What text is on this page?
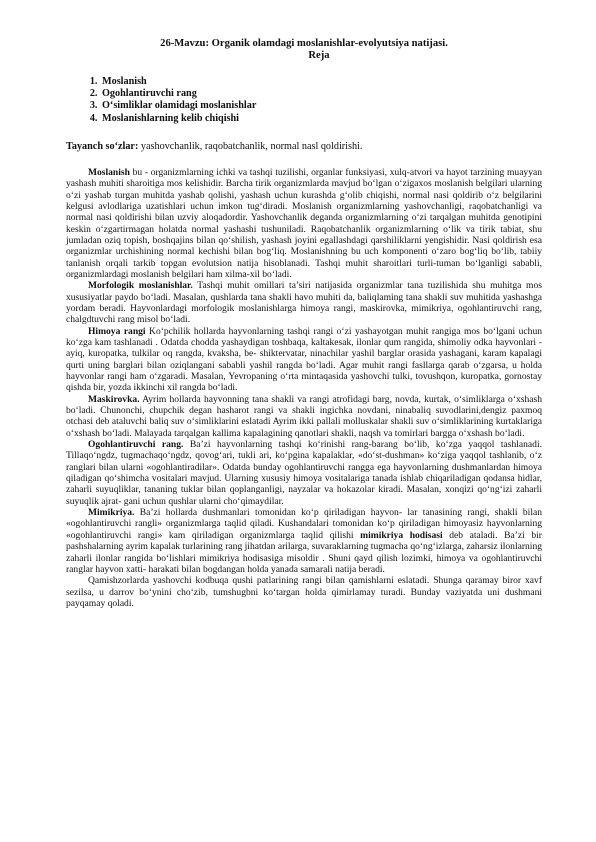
26-Mavzu: Organik olamdagi moslanishlar-evolyutsiya natijasi.

Reja

1. Moslanish
2. Ogohlantiruvchi rang
3. O‘simliklar olamidagi moslanishlar
4. Moslanishlarning kelib chiqishi

Tayanch so‘zlar: yashovchanlik, raqobatchanlik, normal nasl qoldirishi.

Moslanish bu - organizmlarning ichki va tashqi tuzilishi, organlar funksiyasi, xulq-atvori va hayot tarzining muayyan yashash muhiti sharoitiga mos kelishidir. Barcha tirik organizmlarda mavjud bo‘lgan o‘zigaxos moslanish belgilari ularning o‘zi yashab turgan muhitda yashab qolishi, yashash uchun kurashda g‘olib chiqishi, normal nasi qoldirib o‘z belgilarini kelgusi avlodlariga uzatishlari uchun imkon tug‘diradi. Moslanish organizmlarning yashovchanligi, raqobatchanligi va normal nasi qoldirishi bilan uzviy aloqadordir. Yashovchanlik deganda organizmlarning o‘zi tarqalgan muhitda genotipini keskin o‘zgartirmagan holatda normal yashashi tushuniladi. Raqobatchanlik organizmlarning o‘lik va tirik tabiat, shu jumladan oziq topish, boshqajins bilan qo‘shilish, yashash joyini egallashdagi qarshiliklarni yengishidir. Nasi qoldirish esa organizmlar urchishining normal kechishi bilan bog‘liq. Moslanishning bu uch komponenti o‘zaro bog‘liq bo‘lib, tabiiy tanlanish orqali tarkib topgan evolutsion natija hisoblanadi. Tashqi muhit sharoitlari turli-tuman bo‘lganligi sababli, organizmlardagi moslanish belgilari ham xilma-xil bo‘ladi.

Morfologik moslanishlar. Tashqi muhit omillari ta’siri natijasida organizmlar tana tuzilishida shu muhitga mos xususiyatlar paydo bo‘ladi. Masalan, qushlarda tana shakli havo muhiti da, baliqlaming tana shakli suv muhitida yashashga yordam beradi. Hayvonlardagi morfologik moslanishlarga himoya rangi, maskirovka, mimikriya, ogohlantiruvchi rang, chalgdtuvchi rang misol bo‘ladi.

Himoya rangi Ko‘pchilik hollarda hayvonlarning tashqi rangi o‘zi yashayotgan muhit rangiga mos bo‘lgani uchun ko‘zga kam tashlanadi . Odatda chodda yashaydigan toshbaqa, kaltakesak, ilonlar qum rangida, shimoliy odka hayvonlari - ayiq, kuropatka, tulkilar oq rangda, kvaksha, be- shiktervatar, ninachilar yashil barglar orasida yashagani, karam kapalagi qurti uning barglari bilan oziqlangani sababli yashil rangda bo‘ladi. Agar muhit rangi fasllarga qarab o‘zgarsa, u holda hayvonlar rangi ham o‘zgaradi. Masalan, Yevropaning o‘rta mintaqasida yashovchi tulki, tovushqon, kuropatka, gornostay qishda bir, yozda ikkinchi xil rangda bo‘ladi.

Maskirovka. Ayrim hollarda hayvonning tana shakli va rangi atrofidagi barg, novda, kurtak, o‘simliklarga o‘xshash bo‘ladi. Chunonchi, chupchik degan hasharot rangi va shakli ingichka novdani, ninabaliq suvodlarini,dengiz paxmoq otchasi deb ataluvchi baliq suv o‘simliklarini eslatadi Ayrim ikki pallali molluskalar shakli suv o‘simliklarining kurtaklariga o‘xshash bo‘ladi. Malayada tarqalgan kallima kapalagining qanotlari shakli, naqsh va tomirlari bargga o‘xshash bo‘ladi.

Ogohlantiruvchi rang. Ba’zi hayvonlarning tashqi ko‘rinishi rang-barang bo‘lib, ko‘zga yaqqol tashlanadi. Tillaqo‘ngdz, tugmachaqo‘ngdz, qovog‘ari, tukli ari, ko‘pgina kapalaklar, «do‘st-dushman» ko‘ziga yaqqol tashlanib, o‘z ranglari bilan ularni «ogohlantiradilar». Odatda bunday ogohlantiruvchi rangga ega hayvonlarning dushmanlardan himoya qiladigan qo‘shimcha vositalari mavjud. Ularning xususiy himoya vositalariga tanada ishlab chiqariladigan qodansa hidlar, zaharli suyuqliklar, tananing tuklar bilan qoplanganligi, nayzalar va hokazolar kiradi. Masalan, xonqizi qo‘ng‘izi zaharli suyuqlik ajrat- gani uchun qushlar ularni cho‘qimaydilar.

Mimikriya. Ba’zi hollarda dushmanlari tomonidan ko‘p qiriladigan hayvon- lar tanasining rangi, shakli bilan «ogohlantiruvchi rangli» organizmlarga taqlid qiladi. Kushandalari tomonidan ko‘p qiriladigan himoyasiz hayvonlarning «ogohlantiruvchi rangi» kam qiriladigan organizmlarga taqlid qilishi mimikriya hodisasi deb ataladi. Ba’zi bir pashshalarning ayrim kapalak turlarining rang jihatdan arilarga, suvaraklarning tugmacha qo‘ng‘izlarga, zaharsiz ilonlarning zaharli ilonlar rangida bo‘lishlari mimikriya hodisasiga misoldir . Shuni qayd qilish lozimki, himoya va ogohlantiruvchi ranglar hayvon xatti- harakati bilan bogdangan holda yanada samarali natija beradi.

Qamishzorlarda yashovchi kodbuqa qushi patlarining rangi bilan qamishlarni eslatadi. Shunga qaramay biror xavf sezilsa, u darrov bo‘ynini cho‘zib, tumshugbni ko‘targan holda qimirlamay turadi. Bunday vaziyatda uni dushmani payqamay qoladi.
